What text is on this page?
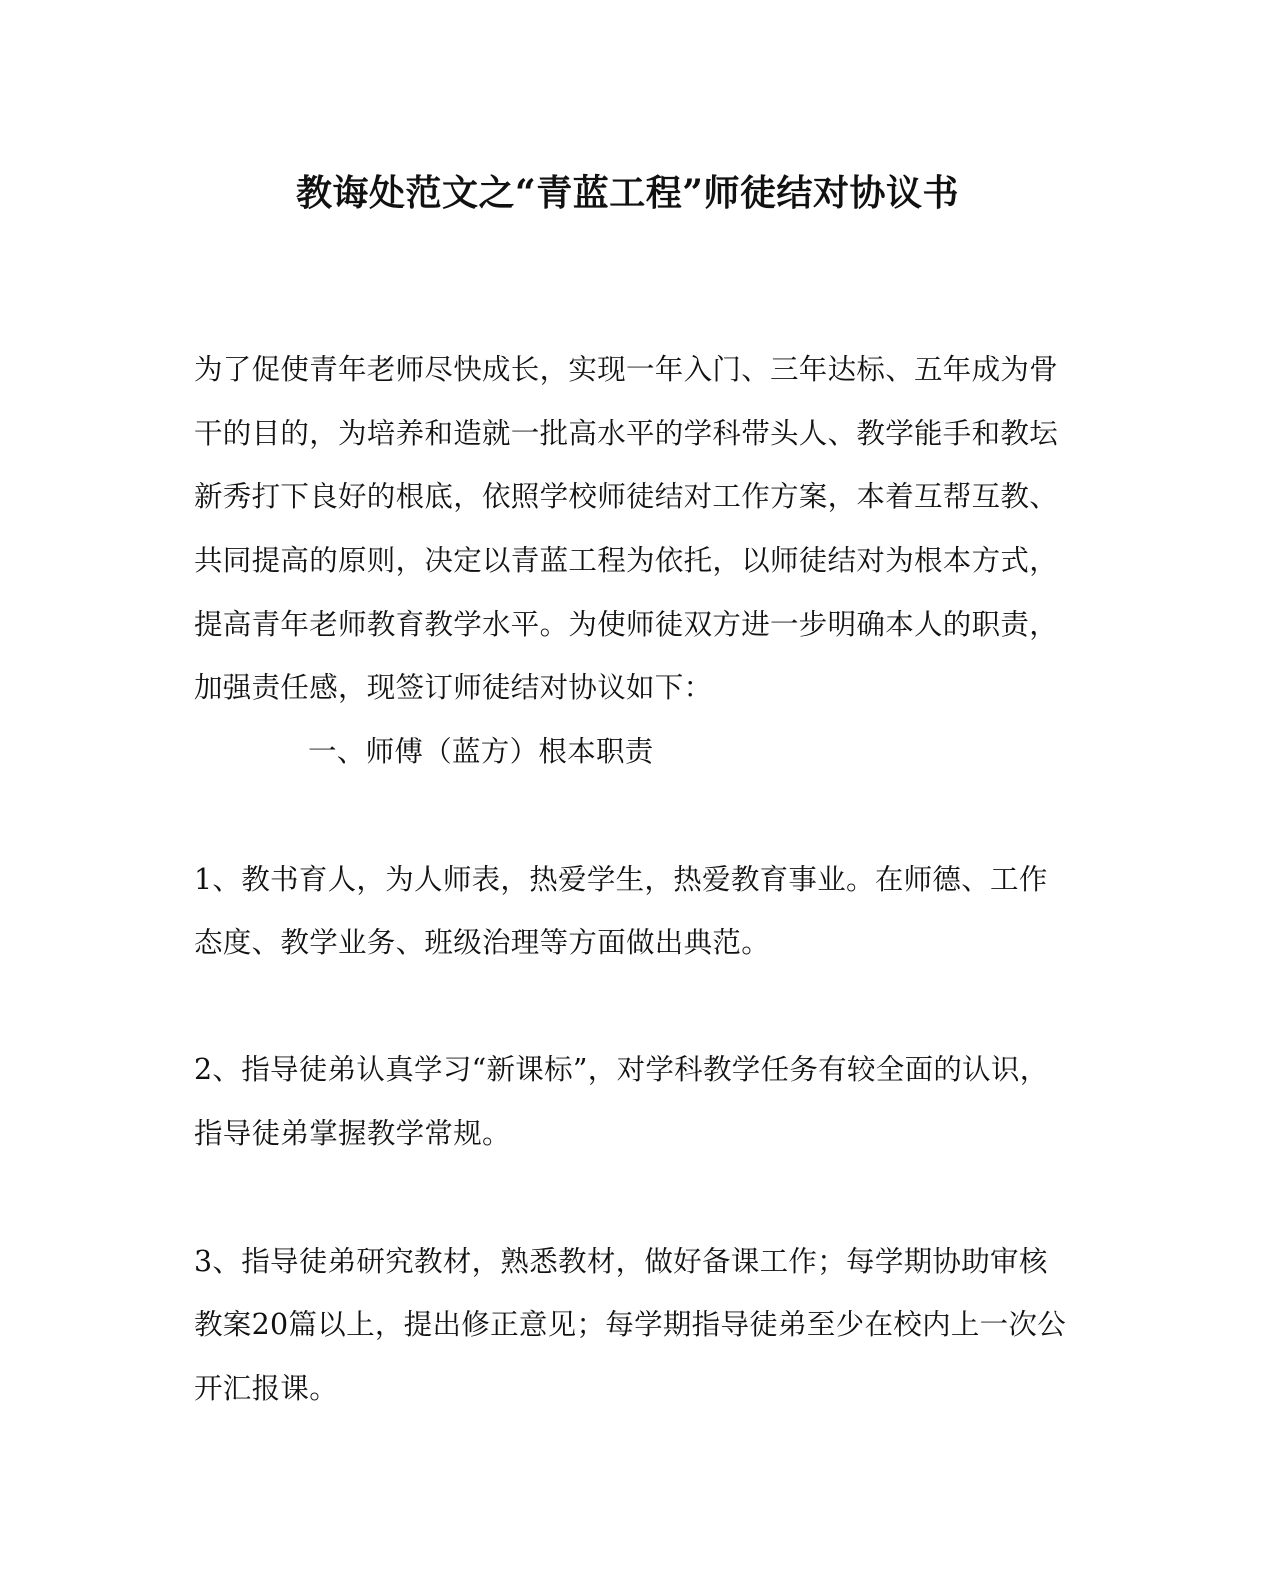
教诲处范文之“青蓝工程”师徒结对协议书
为了促使青年老师尽快成长，实现一年入门、三年达标、五年成为骨
干的目的，为培养和造就一批高水平的学科带头人、教学能手和教坛
新秀打下良好的根底，依照学校师徒结对工作方案，本着互帮互教、
共同提高的原则，决定以青蓝工程为依托，以师徒结对为根本方式，
提高青年老师教育教学水平。为使师徒双方进一步明确本人的职责，
加强责任感，现签订师徒结对协议如下：
一、师傅（蓝方）根本职责
1、教书育人，为人师表，热爱学生，热爱教育事业。在师德、工作
态度、教学业务、班级治理等方面做出典范。
2、指导徒弟认真学习“新课标”，对学科教学任务有较全面的认识，
指导徒弟掌握教学常规。
3、指导徒弟研究教材，熟悉教材，做好备课工作；每学期协助审核
教案20篇以上，提出修正意见；每学期指导徒弟至少在校内上一次公
开汇报课。
